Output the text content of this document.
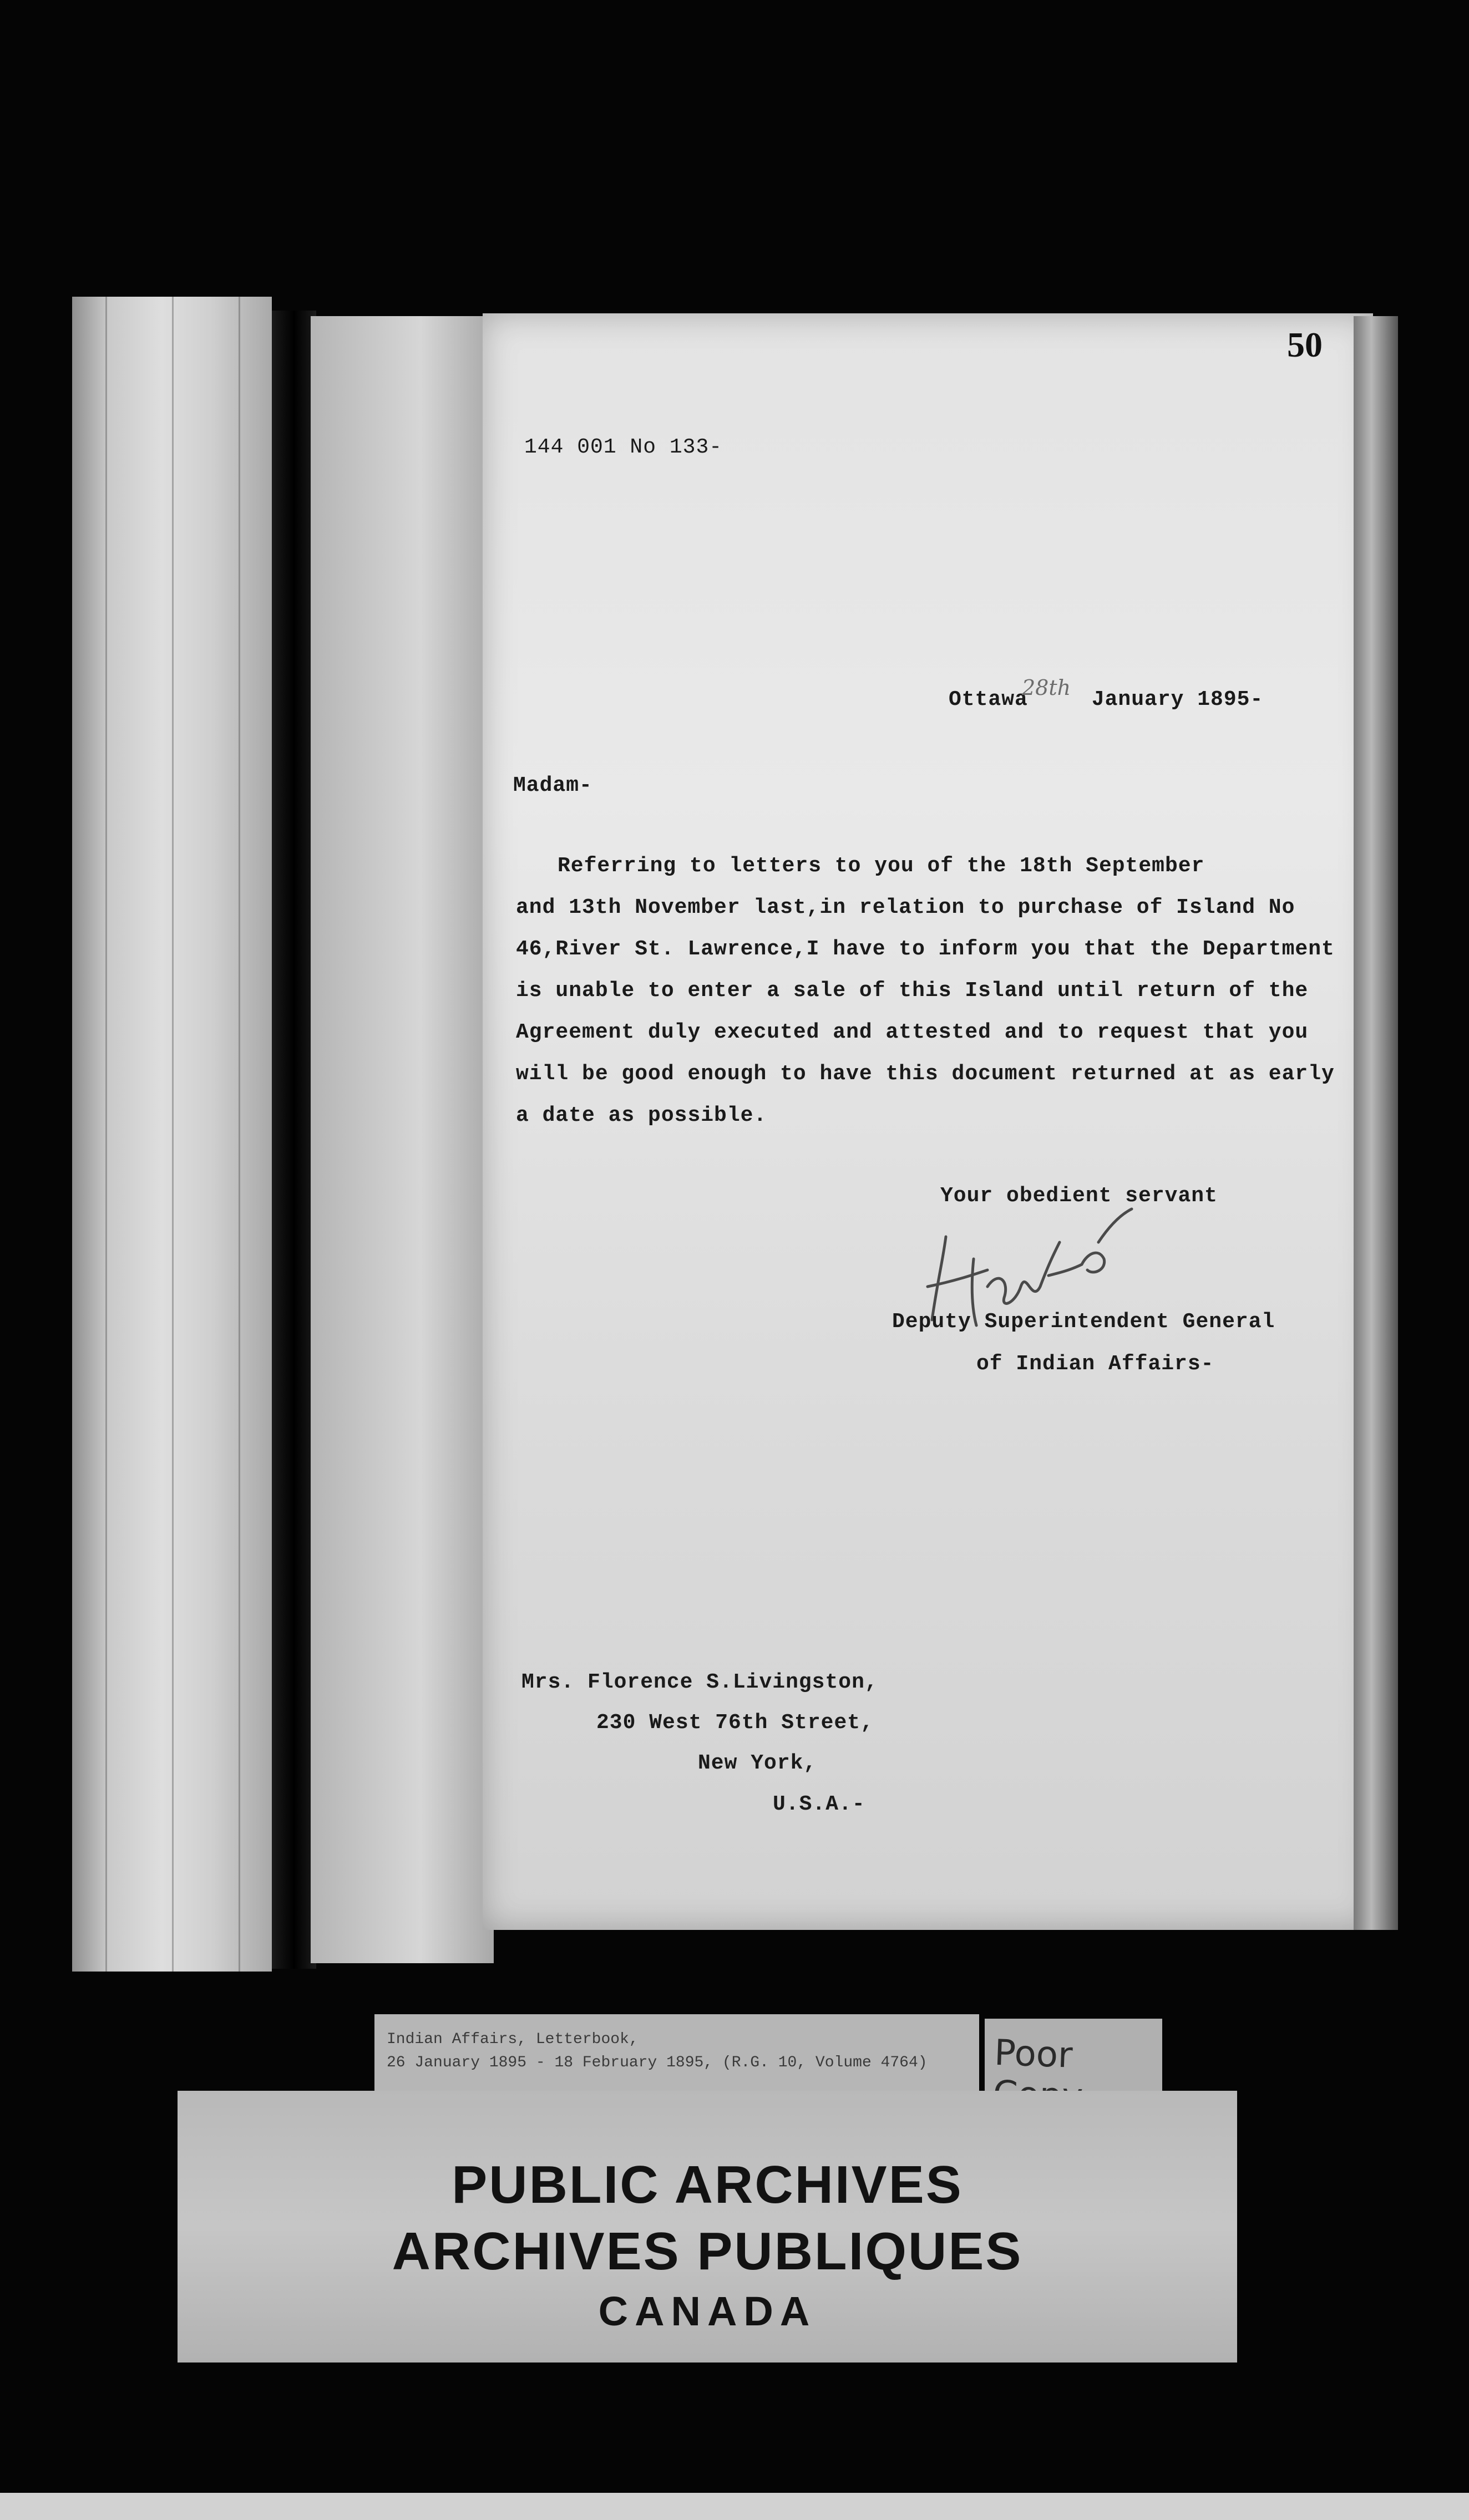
50
144 001 No 133-
Ottawa	January 1895-
28th
Madam-
Referring to letters to you of the 18th September
and 13th November last,in relation to purchase of Island No
46,River St. Lawrence,I have to inform you that the Department
is unable to enter a sale of this Island until return of the
Agreement duly executed and attested and to request that you
will be good enough to have this document returned at as early
a date as possible.
Your obedient servant
Deputy Superintendent General
of Indian Affairs-
Mrs. Florence S.Livingston,
230 West 76th Street,
New York,
U.S.A.-
Indian Affairs, Letterbook,
26 January 1895 - 18 February 1895, (R.G. 10, Volume 4764) Poor
PUBLIC ARCHIVES
ARCHIVES PUBLIQUES
CANADA
